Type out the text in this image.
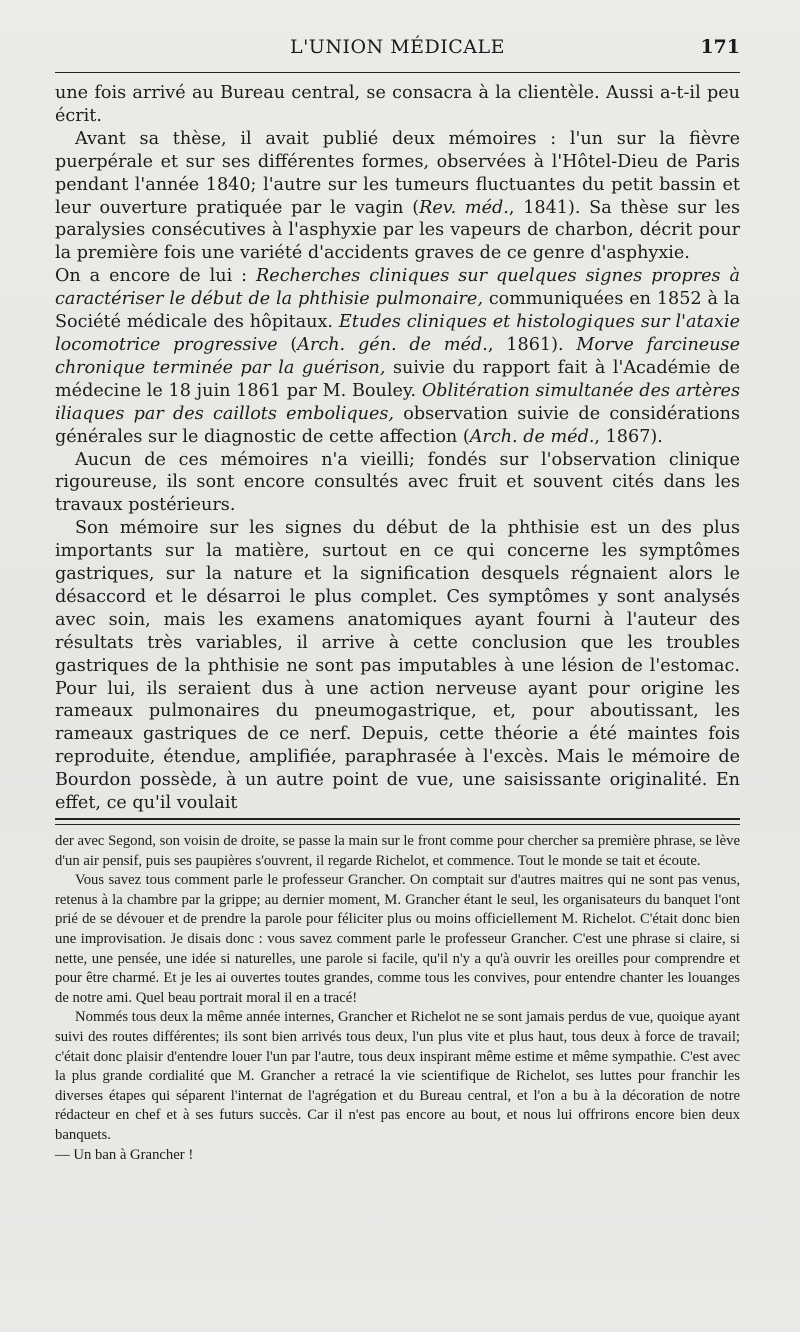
L'UNION MÉDICALE	171

une fois arrivé au Bureau central, se consacra à la clientèle. Aussi a-t-il peu écrit.

Avant sa thèse, il avait publié deux mémoires : l'un sur la fièvre puerpérale et sur ses différentes formes, observées à l'Hôtel-Dieu de Paris pendant l'année 1840; l'autre sur les tumeurs fluctuantes du petit bassin et leur ouverture pratiquée par le vagin (Rev. méd., 1841). Sa thèse sur les paralysies consécutives à l'asphyxie par les vapeurs de charbon, décrit pour la première fois une variété d'accidents graves de ce genre d'asphyxie.

On a encore de lui : Recherches cliniques sur quelques signes propres à caractériser le début de la phthisie pulmonaire, communiquées en 1852 à la Société médicale des hôpitaux. Etudes cliniques et histologiques sur l'ataxie locomotrice progressive (Arch. gén. de méd., 1861). Morve farcineuse chronique terminée par la guérison, suivie du rapport fait à l'Académie de médecine le 18 juin 1861 par M. Bouley. Oblitération simultanée des artères iliaques par des caillots emboliques, observation suivie de considérations générales sur le diagnostic de cette affection (Arch. de méd., 1867).

Aucun de ces mémoires n'a vieilli; fondés sur l'observation clinique rigoureuse, ils sont encore consultés avec fruit et souvent cités dans les travaux postérieurs.

Son mémoire sur les signes du début de la phthisie est un des plus importants sur la matière, surtout en ce qui concerne les symptômes gastriques, sur la nature et la signification desquels régnaient alors le désaccord et le désarroi le plus complet. Ces symptômes y sont analysés avec soin, mais les examens anatomiques ayant fourni à l'auteur des résultats très variables, il arrive à cette conclusion que les troubles gastriques de la phthisie ne sont pas imputables à une lésion de l'estomac. Pour lui, ils seraient dus à une action nerveuse ayant pour origine les rameaux pulmonaires du pneumogastrique, et, pour aboutissant, les rameaux gastriques de ce nerf. Depuis, cette théorie a été maintes fois reproduite, étendue, amplifiée, paraphrasée à l'excès. Mais le mémoire de Bourdon possède, à un autre point de vue, une saisissante originalité. En effet, ce qu'il voulait

der avec Segond, son voisin de droite, se passe la main sur le front comme pour chercher sa première phrase, se lève d'un air pensif, puis ses paupières s'ouvrent, il regarde Richelot, et commence. Tout le monde se tait et écoute.

Vous savez tous comment parle le professeur Grancher. On comptait sur d'autres maitres qui ne sont pas venus, retenus à la chambre par la grippe; au dernier moment, M. Grancher étant le seul, les organisateurs du banquet l'ont prié de se dévouer et de prendre la parole pour féliciter plus ou moins officiellement M. Richelot. C'était donc bien une improvisation. Je disais donc : vous savez comment parle le professeur Grancher. C'est une phrase si claire, si nette, une pensée, une idée si naturelles, une parole si facile, qu'il n'y a qu'à ouvrir les oreilles pour comprendre et pour être charmé. Et je les ai ouvertes toutes grandes, comme tous les convives, pour entendre chanter les louanges de notre ami. Quel beau portrait moral il en a tracé!

Nommés tous deux la même année internes, Grancher et Richelot ne se sont jamais perdus de vue, quoique ayant suivi des routes différentes; ils sont bien arrivés tous deux, l'un plus vite et plus haut, tous deux à force de travail; c'était donc plaisir d'entendre louer l'un par l'autre, tous deux inspirant même estime et même sympathie. C'est avec la plus grande cordialité que M. Grancher a retracé la vie scientifique de Richelot, ses luttes pour franchir les diverses étapes qui séparent l'internat de l'agrégation et du Bureau central, et l'on a bu à la décoration de notre rédacteur en chef et à ses futurs succès. Car il n'est pas encore au bout, et nous lui offrirons encore bien deux banquets.

— Un ban à Grancher !
